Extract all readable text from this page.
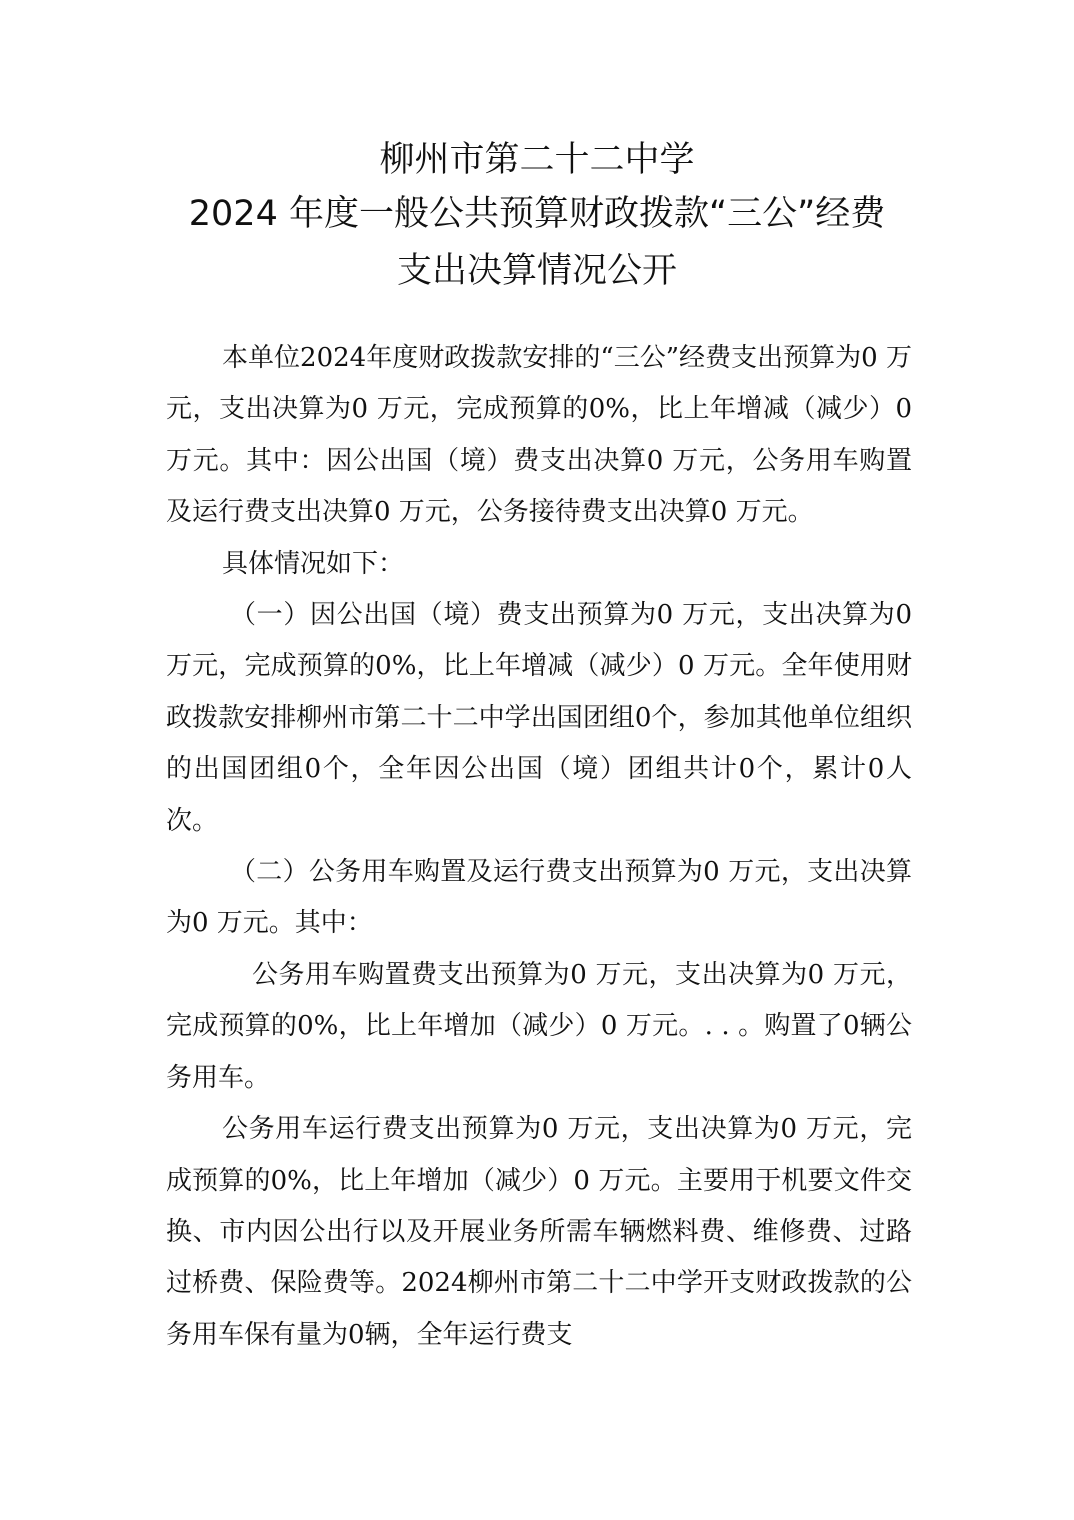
柳州市第二十二中学
2024 年度一般公共预算财政拨款“三公”经费
支出决算情况公开

本单位2024年度财政拨款安排的“三公”经费支出预算为0 万元，支出决算为0 万元，完成预算的0%，比上年增减（减少）0 万元。其中：因公出国（境）费支出决算0 万元，公务用车购置及运行费支出决算0 万元，公务接待费支出决算0 万元。

具体情况如下：

（一）因公出国（境）费支出预算为0 万元，支出决算为0 万元，完成预算的0%，比上年增减（减少）0 万元。全年使用财政拨款安排柳州市第二十二中学出国团组0个，参加其他单位组织的出国团组0个，全年因公出国（境）团组共计0个，累计0人次。

（二）公务用车购置及运行费支出预算为0 万元，支出决算为0 万元。其中：

公务用车购置费支出预算为0 万元，支出决算为0 万元，完成预算的0%，比上年增加（减少）0 万元。. . 。购置了0辆公务用车。

公务用车运行费支出预算为0 万元，支出决算为0 万元，完成预算的0%，比上年增加（减少）0 万元。主要用于机要文件交换、市内因公出行以及开展业务所需车辆燃料费、维修费、过路过桥费、保险费等。2024柳州市第二十二中学开支财政拨款的公务用车保有量为0辆，全年运行费支
